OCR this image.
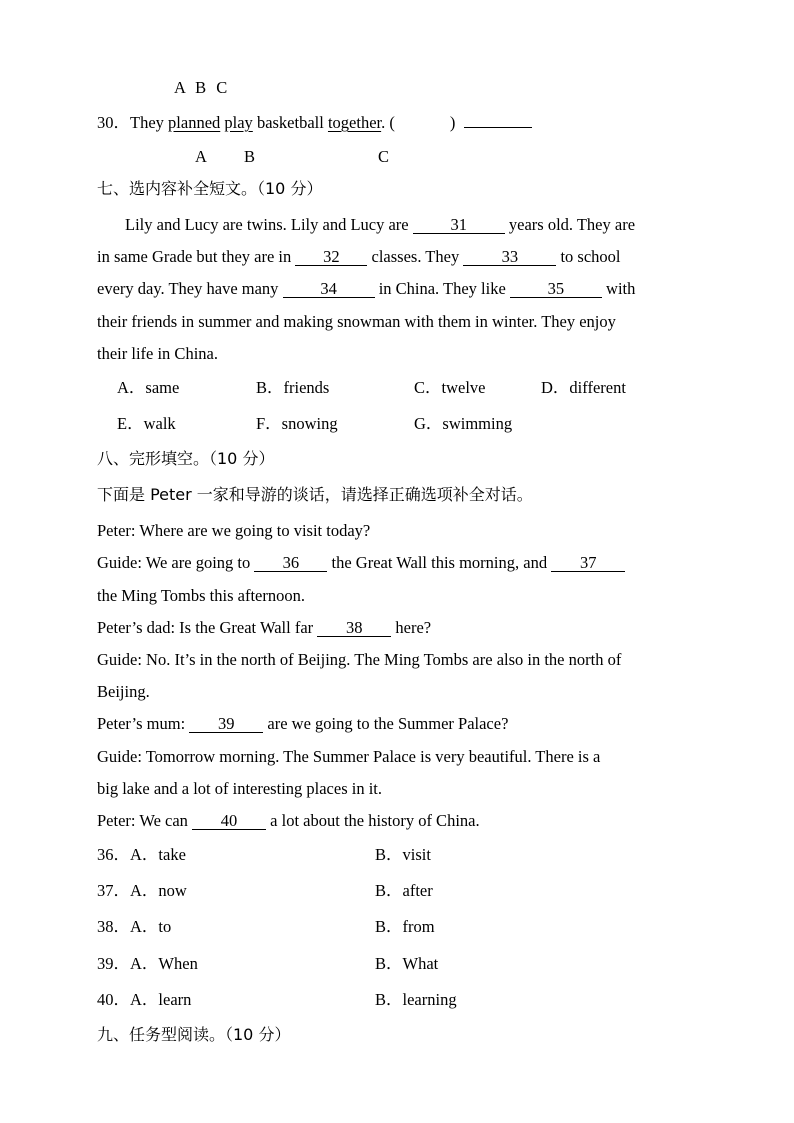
A B C
30．They planned play basketball together. (	)
A B	C
七、选内容补全短文。（10 分）
Lily and Lucy are twins. Lily and Lucy are	31	years old. They are
in same Grade but they are in 32 classes. They	33	to school
every day. They have many	34	in China. They like	35	with
their friends in summer and making snowman with them in winter. They enjoy
their life in China.
A．same	B．friends	C．twelve	D．different
E．walk	F．snowing	G．swimming
八、完形填空。（10 分）
下面是 Peter 一家和导游的谈话，请选择正确选项补全对话。
Peter: Where are we going to visit today?
Guide: We are going to 36 the Great Wall this morning, and 37
the Ming Tombs this afternoon.
Peter’s dad: Is the Great Wall far 38 here?
Guide: No. It’s in the north of Beijing. The Ming Tombs are also in the north of
Beijing.
Peter’s mum: 39 are we going to the Summer Palace?
Guide: Tomorrow morning. The Summer Palace is very beautiful. There is a
big lake and a lot of interesting places in it.
Peter: We can 40 a lot about the history of China.
36．A．take	B．visit
37．A．now	B．after
38．A．to	B．from
39．A．When	B．What
40．A．learn	B．learning
九、任务型阅读。（10 分）
